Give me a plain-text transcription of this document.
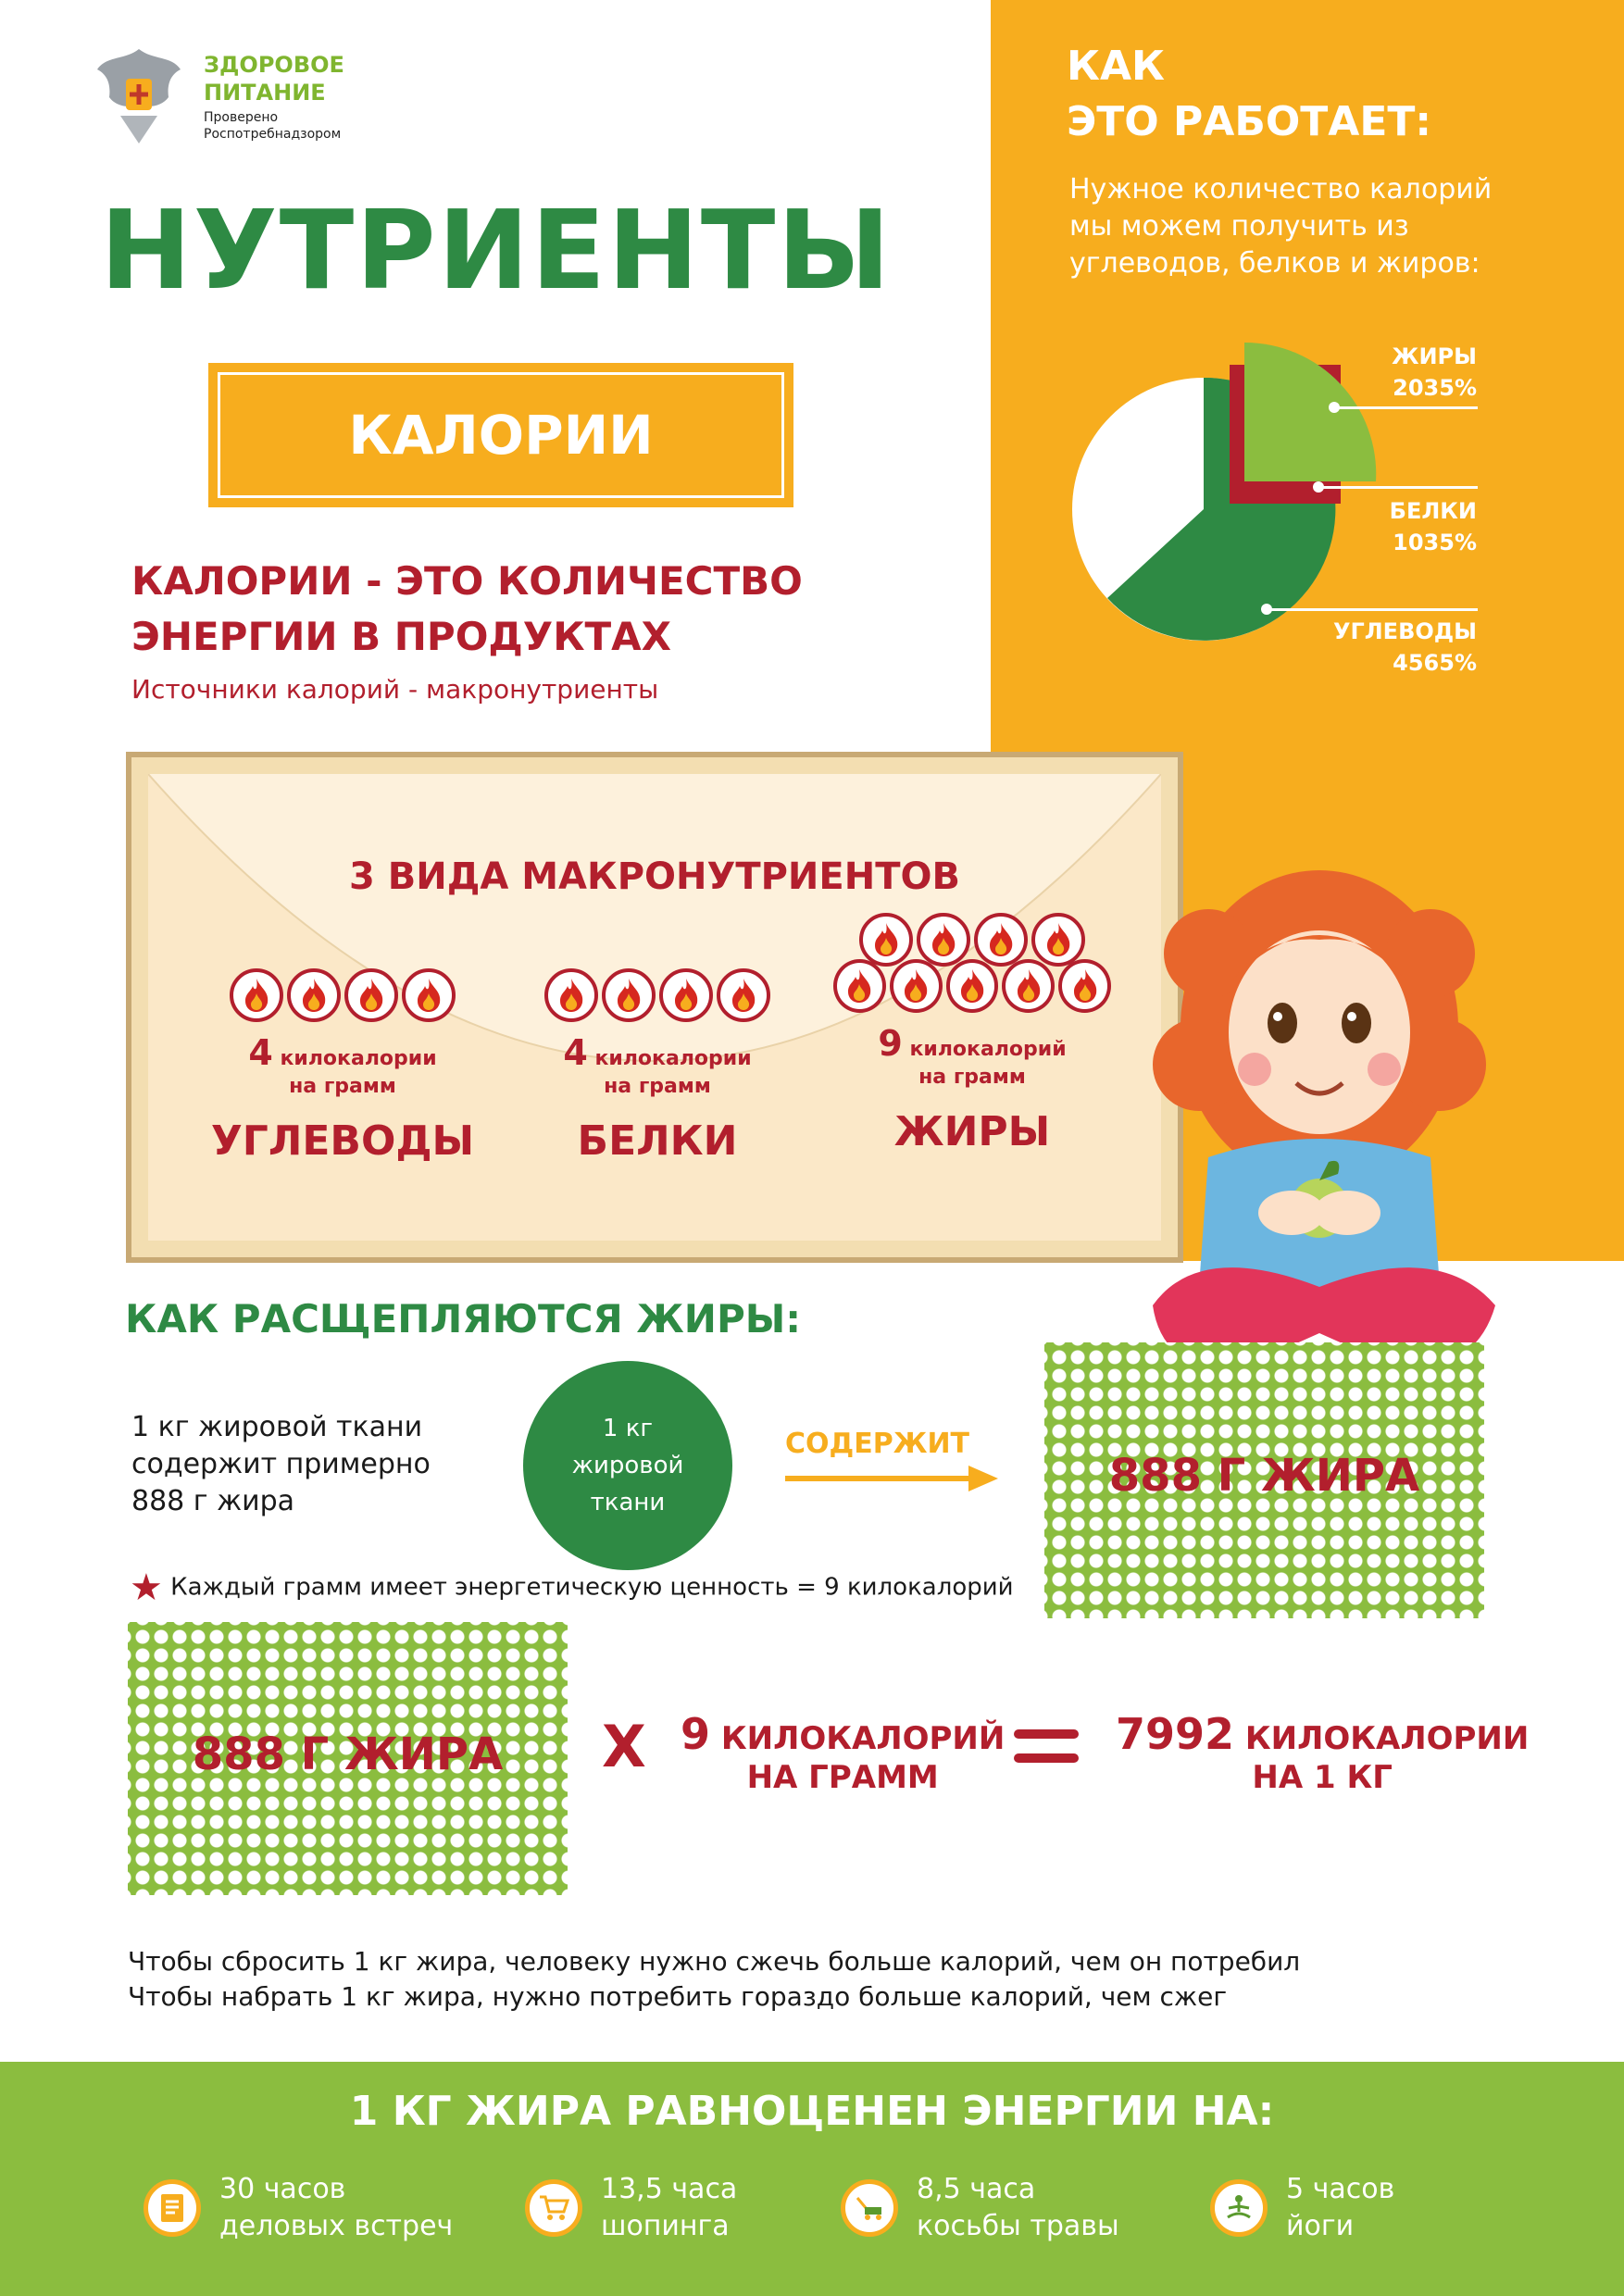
ЗДОРОВОЕ
ПИТАНИЕ
Проверено
Роспотребнадзором
НУТРИЕНТЫ
КАЛОРИИ
КАЛОРИИ - ЭТО КОЛИЧЕСТВО
ЭНЕРГИИ В ПРОДУКТАХ
Источники калорий - макронутриенты
3 ВИДА МАКРОНУТРИЕНТОВ
4 килокалории
на грамм
УГЛЕВОДЫ
4 килокалории
на грамм
БЕЛКИ
9 килокалорий
на грамм
ЖИРЫ
КАК
ЭТО РАБОТАЕТ:
Нужное количество калорий мы можем получить из углеводов, белков и жиров:
ЖИРЫ
2035%
БЕЛКИ
1035%
УГЛЕВОДЫ
4565%
КАК РАСЩЕПЛЯЮТСЯ ЖИРЫ:
1 кг жировой ткани
содержит примерно
888 г жира
1 кг
жировой
ткани
СОДЕРЖИТ
888 Г ЖИРА
★ Каждый грамм имеет энергетическую ценность = 9 килокалорий
888 Г ЖИРА	Х 9 КИЛОКАЛОРИЙ
НА ГРАММ
7992 КИЛОКАЛОРИИ
НА 1 КГ
Чтобы сбросить 1 кг жира, человеку нужно сжечь больше калорий, чем он потребил
Чтобы набрать 1 кг жира, нужно потребить гораздо больше калорий, чем сжег
1 КГ ЖИРА РАВНОЦЕНЕН ЭНЕРГИИ НА:
30 часов
деловых встреч
13,5 часа
шопинга
8,5 часа
косьбы травы
5 часов
йоги
